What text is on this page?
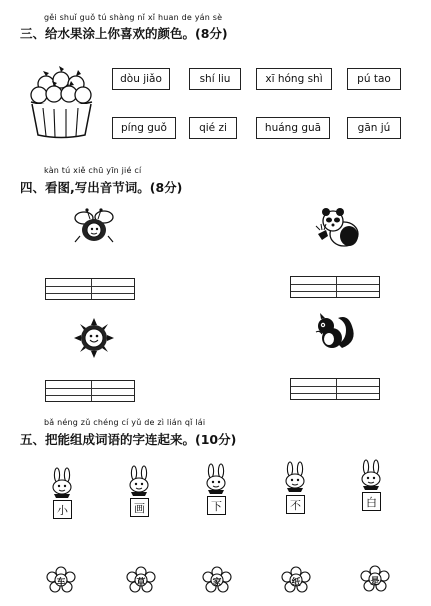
gěi shuǐ guǒ tú shàng nǐ xǐ huan de yán sè
三、给水果涂上你喜欢的颜色。(8分)
dòu jiǎo	shí liu	xī hóng shì	pú tao
píng guǒ	qié zi	huáng guā	gān jú
kàn tú xiě chū yīn jié cí
四、看图,写出音节词。(8分)
bǎ néng zǔ chéng cí yǔ de zì lián qǐ lái
五、把能组成词语的字连起来。(10分)
小	画	下	不	白
车	草	家	纸	是
